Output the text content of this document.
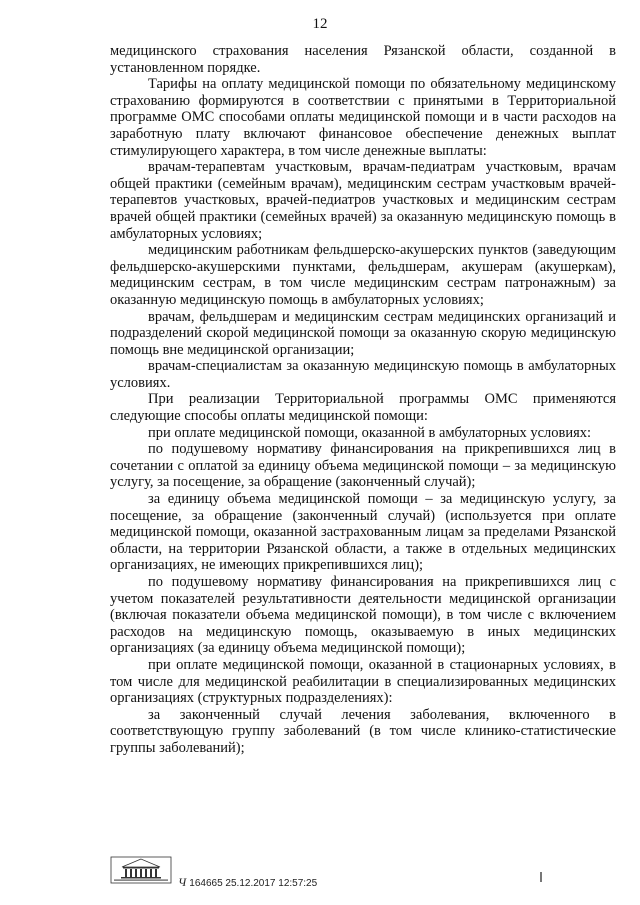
12

медицинского страхования населения Рязанской области, созданной в установленном порядке.

Тарифы на оплату медицинской помощи по обязательному медицинскому страхованию формируются в соответствии с принятыми в Территориальной программе ОМС способами оплаты медицинской помощи и в части расходов на заработную плату включают финансовое обеспечение денежных выплат стимулирующего характера, в том числе денежные выплаты:

врачам-терапевтам участковым, врачам-педиатрам участковым, врачам общей практики (семейным врачам), медицинским сестрам участковым врачей-терапевтов участковых, врачей-педиатров участковых и медицинским сестрам врачей общей практики (семейных врачей) за оказанную медицинскую помощь в амбулаторных условиях;

медицинским работникам фельдшерско-акушерских пунктов (заведующим фельдшерско-акушерскими пунктами, фельдшерам, акушерам (акушеркам), медицинским сестрам, в том числе медицинским сестрам патронажным) за оказанную медицинскую помощь в амбулаторных условиях;

врачам, фельдшерам и медицинским сестрам медицинских организаций и подразделений скорой медицинской помощи за оказанную скорую медицинскую помощь вне медицинской организации;

врачам-специалистам за оказанную медицинскую помощь в амбулаторных условиях.

При реализации Территориальной программы ОМС применяются следующие способы оплаты медицинской помощи:

при оплате медицинской помощи, оказанной в амбулаторных условиях:

по подушевому нормативу финансирования на прикрепившихся лиц в сочетании с оплатой за единицу объема медицинской помощи – за медицинскую услугу, за посещение, за обращение (законченный случай);

за единицу объема медицинской помощи – за медицинскую услугу, за посещение, за обращение (законченный случай) (используется при оплате медицинской помощи, оказанной застрахованным лицам за пределами Рязанской области, на территории Рязанской области, а также в отдельных медицинских организациях, не имеющих прикрепившихся лиц);

по подушевому нормативу финансирования на прикрепившихся лиц с учетом показателей результативности деятельности медицинской организации (включая показатели объема медицинской помощи), в том числе с включением расходов на медицинскую помощь, оказываемую в иных медицинских организациях (за единицу объема медицинской помощи);

при оплате медицинской помощи, оказанной в стационарных условиях, в том числе для медицинской реабилитации в специализированных медицинских организациях (структурных подразделениях):

за законченный случай лечения заболевания, включенного в соответствующую группу заболеваний (в том числе клинико-статистические группы заболеваний);

Ч 164665 25.12.2017 12:57:25
